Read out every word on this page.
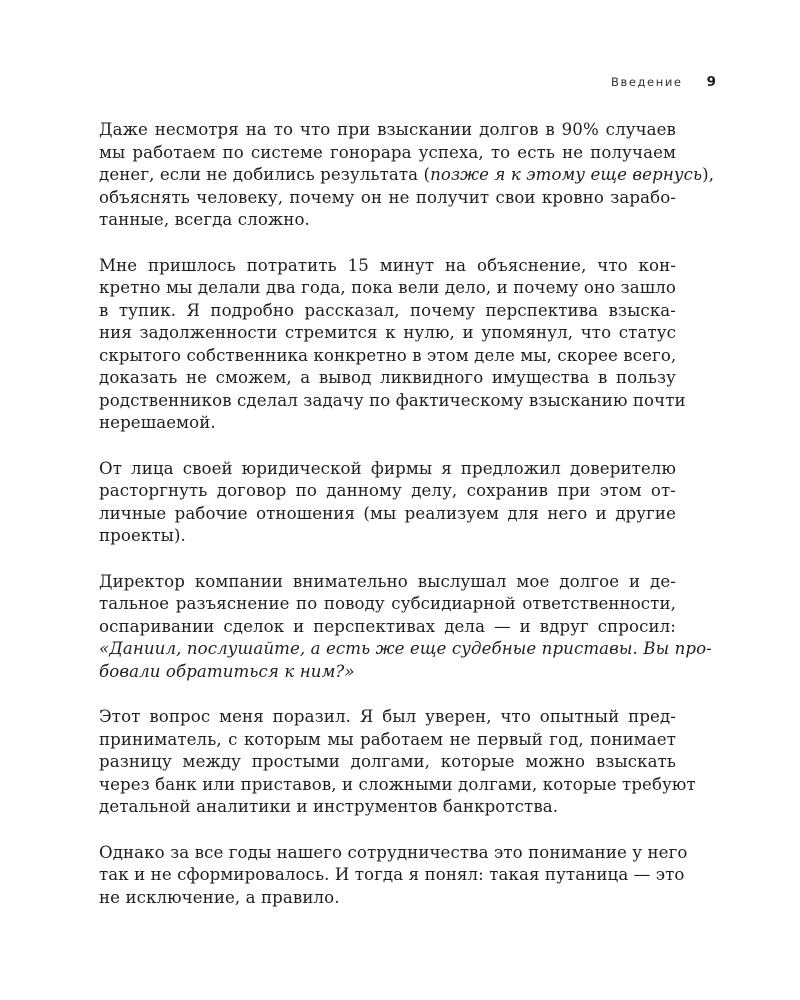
Введение 9
Даже несмотря на то что при взыскании долгов в 90% случаев
мы работаем по системе гонорара успеха, то есть не получаем
денег, если не добились результата (позже я к этому еще вернусь),
объяснять человеку, почему он не получит свои кровно зарабо-
танные, всегда сложно.
Мне пришлось потратить 15 минут на объяснение, что кон-
кретно мы делали два года, пока вели дело, и почему оно зашло
в тупик. Я подробно рассказал, почему перспектива взыска-
ния задолженности стремится к нулю, и упомянул, что статус
скрытого собственника конкретно в этом деле мы, скорее всего,
доказать не сможем, а вывод ликвидного имущества в пользу
родственников сделал задачу по фактическому взысканию почти
нерешаемой.
От лица своей юридической фирмы я предложил доверителю
расторгнуть договор по данному делу, сохранив при этом от-
личные рабочие отношения (мы реализуем для него и другие
проекты).
Директор компании внимательно выслушал мое долгое и де-
тальное разъяснение по поводу субсидиарной ответственности,
оспаривании сделок и перспективах дела — и вдруг спросил:
«Даниил, послушайте, а есть же еще судебные приставы. Вы про-
бовали обратиться к ним?»
Этот вопрос меня поразил. Я был уверен, что опытный пред-
приниматель, с которым мы работаем не первый год, понимает
разницу между простыми долгами, которые можно взыскать
через банк или приставов, и сложными долгами, которые требуют
детальной аналитики и инструментов банкротства.
Однако за все годы нашего сотрудничества это понимание у него
так и не сформировалось. И тогда я понял: такая путаница — это
не исключение, а правило.
